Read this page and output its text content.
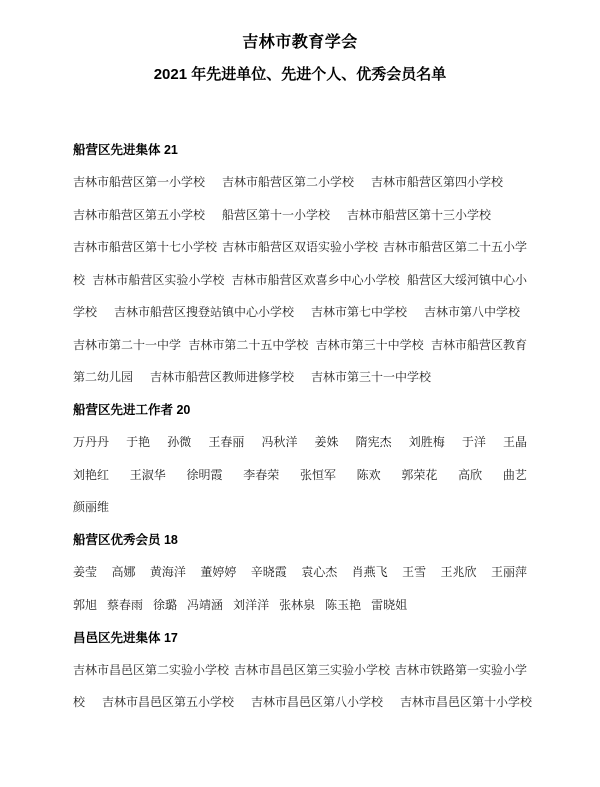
吉林市教育学会
2021 年先进单位、先进个人、优秀会员名单
船营区先进集体 21
吉林市船营区第一小学校 吉林市船营区第二小学校 吉林市船营区第四小学校
吉林市船营区第五小学校 船营区第十一小学校 吉林市船营区第十三小学校
吉林市船营区第十七小学校 吉林市船营区双语实验小学校 吉林市船营区第二十五小学
校 吉林市船营区实验小学校 吉林市船营区欢喜乡中心小学校 船营区大绥河镇中心小
学校 吉林市船营区搜登站镇中心小学校 吉林市第七中学校 吉林市第八中学校
吉林市第二十一中学 吉林市第二十五中学校 吉林市第三十中学校 吉林市船营区教育
第二幼儿园 吉林市船营区教师进修学校 吉林市第三十一中学校
船营区先进工作者 20
万丹丹 于艳 孙微 王春丽 冯秋洋 姜姝 隋宪杰 刘胜梅 于洋 王晶
刘艳红 王淑华 徐明霞 李春荣 张恒军 陈欢 郭荣花 高欣 曲艺
颜丽维
船营区优秀会员 18
姜莹 高娜 黄海洋 董婷婷 辛晓霞 袁心杰 肖燕飞 王雪 王兆欣 王丽萍
郭旭 蔡春雨 徐璐 冯靖涵 刘洋洋 张林泉 陈玉艳 雷晓姐
昌邑区先进集体 17
吉林市昌邑区第二实验小学校 吉林市昌邑区第三实验小学校 吉林市铁路第一实验小学
校 吉林市昌邑区第五小学校 吉林市昌邑区第八小学校 吉林市昌邑区第十小学校
